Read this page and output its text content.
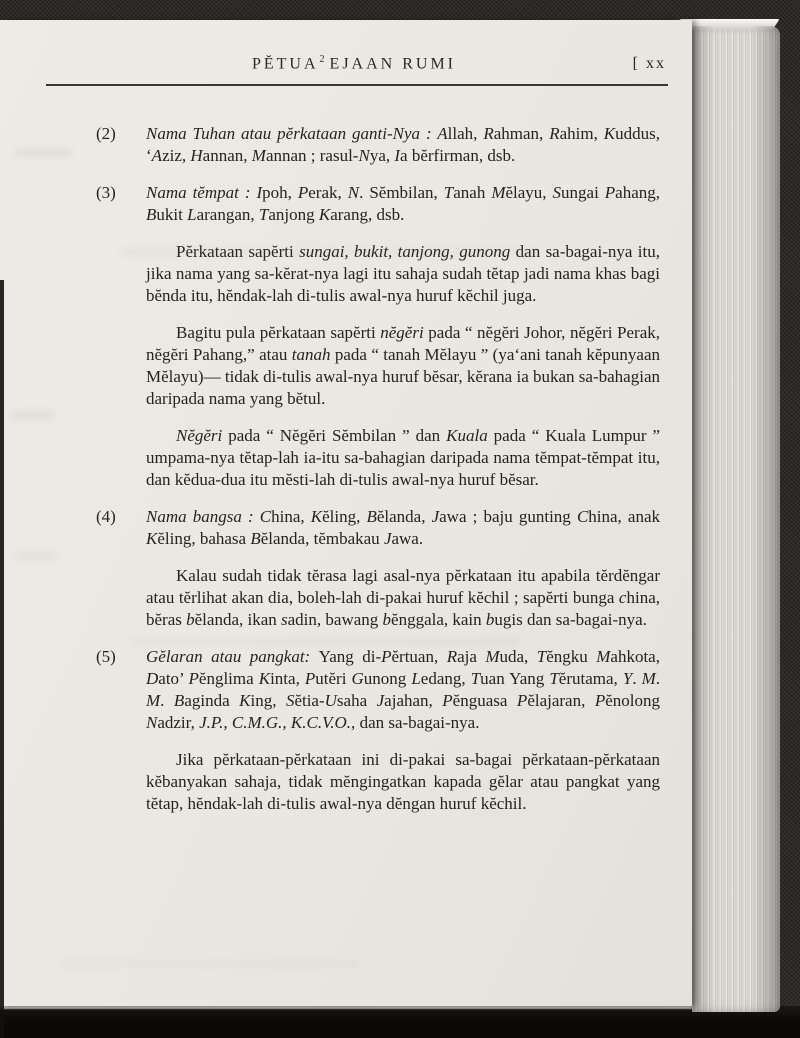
PĔTUA$^2$ EJAAN RUMI	[ xx
(2) Nama Tuhan atau pĕrkataan ganti-Nya : Allah, Rahman, Rahim, Kuddus, ‘Aziz, Hannan, Mannan ; rasul-Nya, Ia bĕrfirman, dsb.
(3) Nama tĕmpat : Ipoh, Perak, N. Sĕmbilan, Tanah Mĕlayu, Sungai Pahang, Bukit Larangan, Tanjong Karang, dsb.
Pĕrkataan sapĕrti sungai, bukit, tanjong, gunong dan sa-bagai-nya itu, jika nama yang sa-kĕrat-nya lagi itu sahaja sudah tĕtap jadi nama khas bagi bĕnda itu, hĕndak-lah di-tulis awal-nya huruf kĕchil juga.
Bagitu pula pĕrkataan sapĕrti nĕgĕri pada “ nĕgĕri Johor, nĕgĕri Perak, nĕgĕri Pahang,” atau tanah pada “ tanah Mĕlayu ” (ya‘ani tanah kĕpunyaan Mĕlayu)— tidak di-tulis awal-nya huruf bĕsar, kĕrana ia bukan sa-bahagian daripada nama yang bĕtul.
Nĕgĕri pada “ Nĕgĕri Sĕmbilan ” dan Kuala pada “ Kuala Lumpur ” umpama-nya tĕtap-lah ia-itu sa-bahagian daripada nama tĕmpat-tĕmpat itu, dan kĕdua-dua itu mĕsti-lah di-tulis awal-nya huruf bĕsar.
(4) Nama bangsa : China, Kĕling, Bĕlanda, Jawa ; baju gunting China, anak Kĕling, bahasa Bĕlanda, tĕmbakau Jawa.
Kalau sudah tidak tĕrasa lagi asal-nya pĕrkataan itu apabila tĕrdĕngar atau tĕrlihat akan dia, boleh-lah di-pakai huruf kĕchil ; sapĕrti bunga china, bĕras bĕlanda, ikan sadin, bawang bĕnggala, kain bugis dan sa-bagai-nya.
(5) Gĕlaran atau pangkat: Yang di-Pĕrtuan, Raja Muda, Tĕngku Mahkota, Dato’ Pĕnglima Kinta, Putĕri Gunong Ledang, Tuan Yang Tĕrutama, Y. M. M. Baginda King, Sĕtia-Usaha Jajahan, Pĕnguasa Pĕlajaran, Pĕnolong Nadzir, J.P., C.M.G., K.C.V.O., dan sa-bagai-nya.
Jika pĕrkataan-pĕrkataan ini di-pakai sa-bagai pĕrkataan-pĕrkataan kĕbanyakan sahaja, tidak mĕngingatkan kapada gĕlar atau pangkat yang tĕtap, hĕndak-lah di-tulis awal-nya dĕngan huruf kĕchil.
